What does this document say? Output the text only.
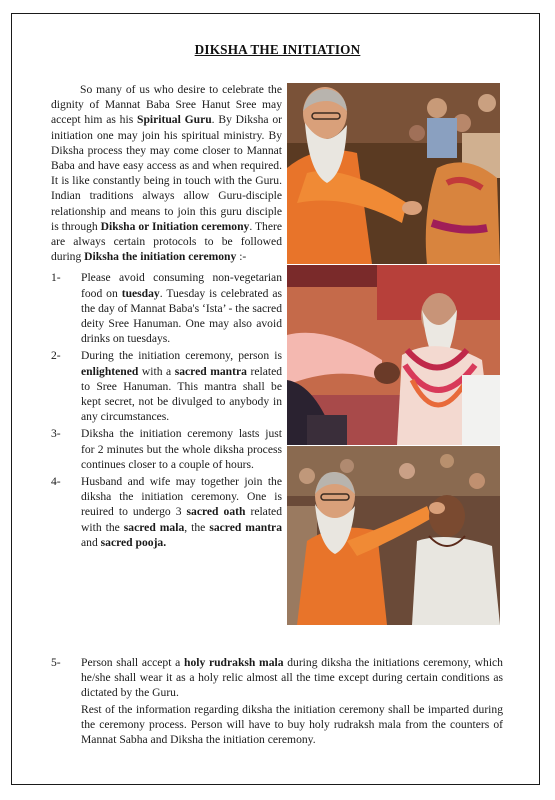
DIKSHA THE INITIATION

So many of us who desire to celebrate the dignity of Mannat Baba Sree Hanut Sree may accept him as his Spiritual Guru. By Diksha or initiation one may join his spiritual ministry. By Diksha process they may come closer to Mannat Baba and have easy access as and when required. It is like constantly being in touch with the Guru. Indian traditions always allow Guru-disciple relationship and means to join this guru disciple is through Diksha or Initiation ceremony. There are always certain protocols to be followed during Diksha the initiation ceremony :-

1- Please avoid consuming non-vegetarian food on tuesday. Tuesday is celebrated as the day of Mannat Baba's ‘Ista’ - the sacred deity Sree Hanuman. One may also avoid drinks on tuesdays.

2- During the initiation ceremony, person is enlightened with a sacred mantra related to Sree Hanuman. This mantra shall be kept secret, not be divulged to anybody in any circumstances.

3- Diksha the initiation ceremony lasts just for 2 minutes but the whole diksha process continues closer to a couple of hours.

4- Husband and wife may together join the diksha the initiation ceremony. One is reuired to undergo 3 sacred oath related with the sacred mala, the sacred mantra and sacred pooja.

5- Person shall accept a holy rudraksh mala during diksha the initiations ceremony, which he/she shall wear it as a holy relic almost all the time except during certain conditions as dictated by the Guru.

Rest of the information regarding diksha the initiation ceremony shall be imparted during the ceremony process. Person will have to buy holy rudraksh mala from the counters of Mannat Sabha and Diksha the initiation ceremony.
